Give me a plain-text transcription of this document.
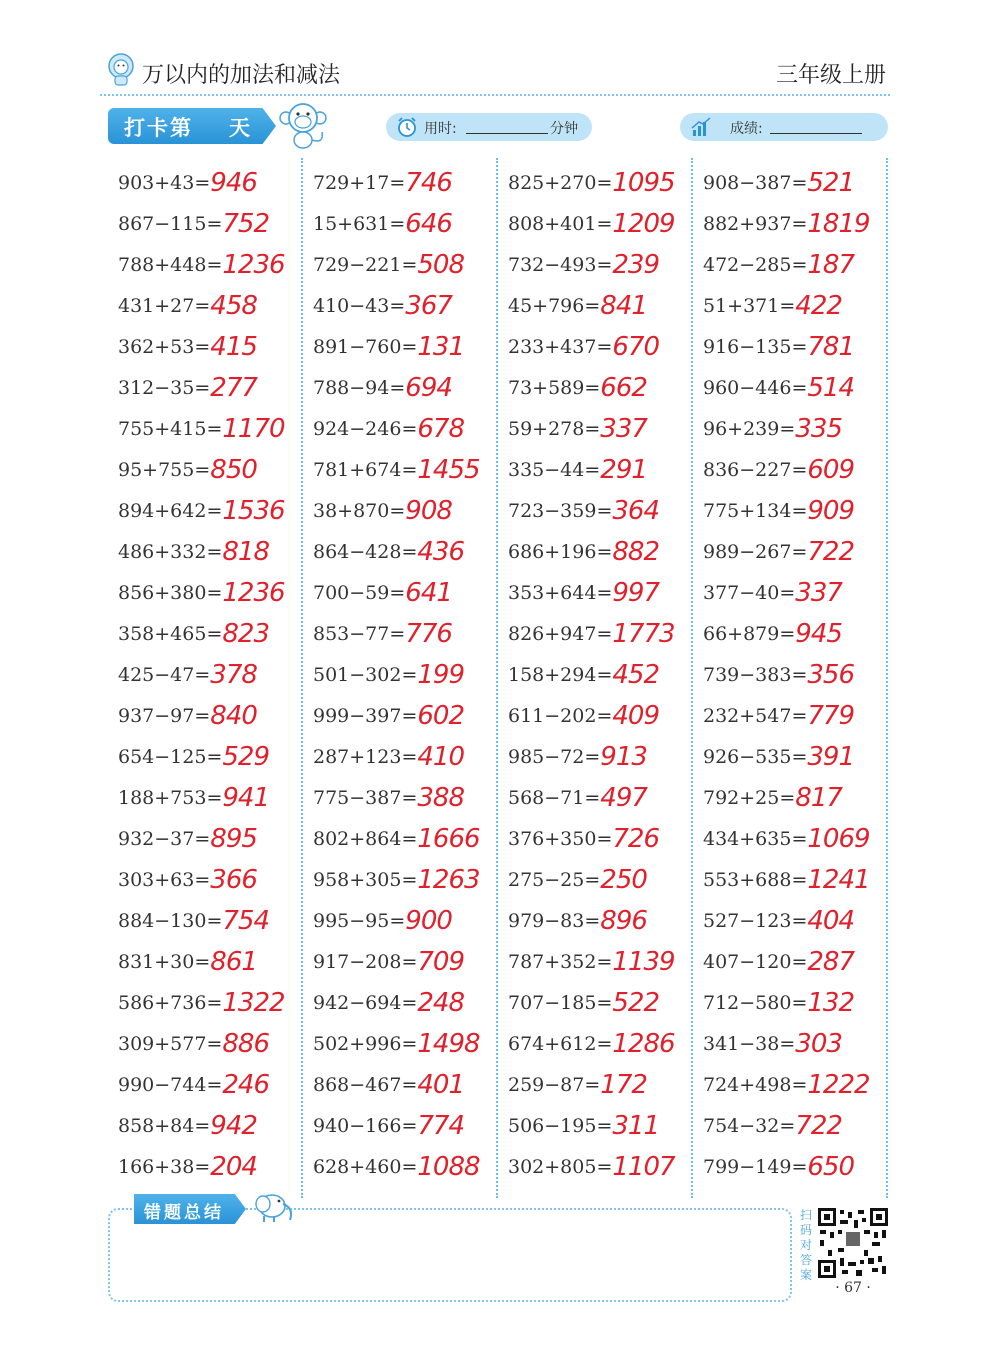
万以内的加法和减法	三年级上册
打卡第 天	用时:	分钟	成绩:
903+43=946
867−115=752
788+448=1236
431+27=458
362+53=415
312−35=277
755+415=1170
95+755=850
894+642=1536
486+332=818
856+380=1236
358+465=823
425−47=378
937−97=840
654−125=529
188+753=941
932−37=895
303+63=366
884−130=754
831+30=861
586+736=1322
309+577=886
990−744=246
858+84=942
166+38=204
729+17=746
15+631=646
729−221=508
410−43=367
891−760=131
788−94=694
924−246=678
781+674=1455
38+870=908
864−428=436
700−59=641
853−77=776
501−302=199
999−397=602
287+123=410
775−387=388
802+864=1666
958+305=1263
995−95=900
917−208=709
942−694=248
502+996=1498
868−467=401
940−166=774
628+460=1088
825+270=1095
808+401=1209
732−493=239
45+796=841
233+437=670
73+589=662
59+278=337
335−44=291
723−359=364
686+196=882
353+644=997
826+947=1773
158+294=452
611−202=409
985−72=913
568−71=497
376+350=726
275−25=250
979−83=896
787+352=1139
707−185=522
674+612=1286
259−87=172
506−195=311
302+805=1107
908−387=521
882+937=1819
472−285=187
51+371=422
916−135=781
960−446=514
96+239=335
836−227=609
775+134=909
989−267=722
377−40=337
66+879=945
739−383=356
232+547=779
926−535=391
792+25=817
434+635=1069
553+688=1241
527−123=404
407−120=287
712−580=132
341−38=303
724+498=1222
754−32=722
799−149=650
错题总结	扫码对答案
· 67 ·
